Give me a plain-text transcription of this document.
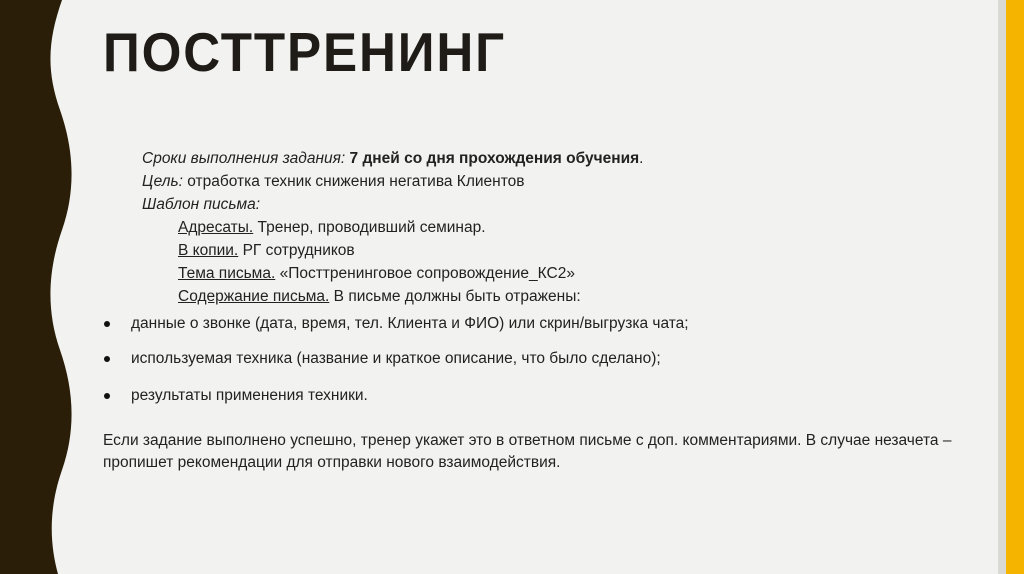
ПОСТТРЕНИНГ
Сроки выполнения задания: 7 дней со дня прохождения обучения.
Цель: отработка техник снижения негатива Клиентов
Шаблон письма:
Адресаты. Тренер, проводивший семинар.
В копии. РГ сотрудников
Тема письма. «Посттренинговое сопровождение_КС2»
Содержание письма. В письме должны быть отражены:
данные о звонке (дата, время, тел. Клиента и ФИО) или скрин/выгрузка чата;
используемая техника (название и краткое описание, что было сделано);
результаты применения техники.
Если задание выполнено успешно, тренер укажет это в ответном письме с доп. комментариями. В случае незачета – пропишет рекомендации для отправки нового взаимодействия.
